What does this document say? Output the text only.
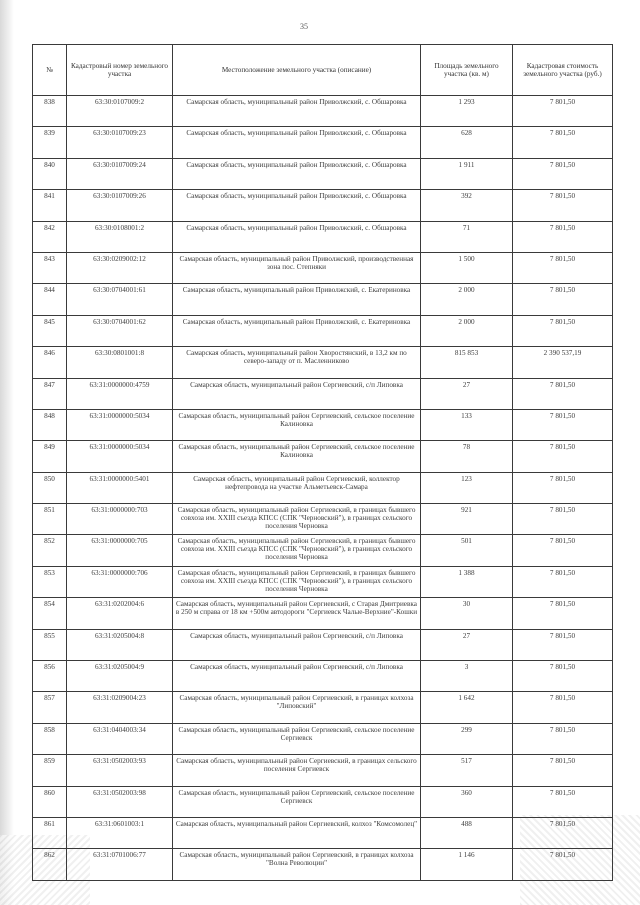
35
№	Кадастровый номер земельного участка	Местоположение земельного участка (описание)	Площадь земельного участка (кв. м)	Кадастровая стоимость земельного участка (руб.)
838	63:30:0107009:2	Самарская область, муниципальный район Приволжский, с. Обшаровка	1 293	7 801,50
839	63:30:0107009:23	Самарская область, муниципальный район Приволжский, с. Обшаровка	628	7 801,50
840	63:30:0107009:24	Самарская область, муниципальный район Приволжский, с. Обшаровка	1 911	7 801,50
841	63:30:0107009:26	Самарская область, муниципальный район Приволжский, с. Обшаровка	392	7 801,50
842	63:30:0108001:2	Самарская область, муниципальный район Приволжский, с. Обшаровка	71	7 801,50
843	63:30:0209002:12	Самарская область, муниципальный район Приволжский, производственная зона пос. Степняки	1 500	7 801,50
844	63:30:0704001:61	Самарская область, муниципальный район Приволжский, с. Екатериновка	2 000	7 801,50
845	63:30:0704001:62	Самарская область, муниципальный район Приволжский, с. Екатериновка	2 000	7 801,50
846	63:30:0801001:8	Самарская область, муниципальный район Хворостянский, в 13,2 км по северо-западу от п. Масленниково	815 853	2 390 537,19
847	63:31:0000000:4759	Самарская область, муниципальный район Сергиевский, с/п Липовка	27	7 801,50
848	63:31:0000000:5034	Самарская область, муниципальный район Сергиевский, сельское поселение Калиновка	133	7 801,50
849	63:31:0000000:5034	Самарская область, муниципальный район Сергиевский, сельское поселение Калиновка	78	7 801,50
850	63:31:0000000:5401	Самарская область, муниципальный район Сергиевский, коллектор нефтепровода на участке Альметьевск-Самара	123	7 801,50
851	63:31:0000000:703	Самарская область, муниципальный район Сергиевский, в границах бывшего совхоза им. XXIII съезда КПСС (СПК "Черновский"), в границах сельского поселения Черновка	921	7 801,50
852	63:31:0000000:705	Самарская область, муниципальный район Сергиевский, в границах бывшего совхоза им. XXIII съезда КПСС (СПК "Черновский"), в границах сельского поселения Черновка	501	7 801,50
853	63:31:0000000:706	Самарская область, муниципальный район Сергиевский, в границах бывшего совхоза им. XXIII съезда КПСС (СПК "Черновский"), в границах сельского поселения Черновка	1 388	7 801,50
854	63:31:0202004:6	Самарская область, муниципальный район Сергиевский, с Старая Дмитриевка в 250 м справа от 18 км +500м автодороги "Сергиевск Чалые-Верхние"-Кошки	30	7 801,50
855	63:31:0205004:8	Самарская область, муниципальный район Сергиевский, с/п Липовка	27	7 801,50
856	63:31:0205004:9	Самарская область, муниципальный район Сергиевский, с/п Липовка	3	7 801,50
857	63:31:0209004:23	Самарская область, муниципальный район Сергиевский, в границах колхоза "Липовский"	1 642	7 801,50
858	63:31:0404003:34	Самарская область, муниципальный район Сергиевский, сельское поселение Сергиевск	299	7 801,50
859	63:31:0502003:93	Самарская область, муниципальный район Сергиевский, в границах сельского поселения Сергиевск	517	7 801,50
860	63:31:0502003:98	Самарская область, муниципальный район Сергиевский, сельское поселение Сергиевск	360	7 801,50
861	63:31:0601003:1	Самарская область, муниципальный район Сергиевский, колхоз "Комсомолец"	488	7 801,50
862	63:31:0701006:77	Самарская область, муниципальный район Сергиевский, в границах колхоза "Волна Революции"	1 146	7 801,50
